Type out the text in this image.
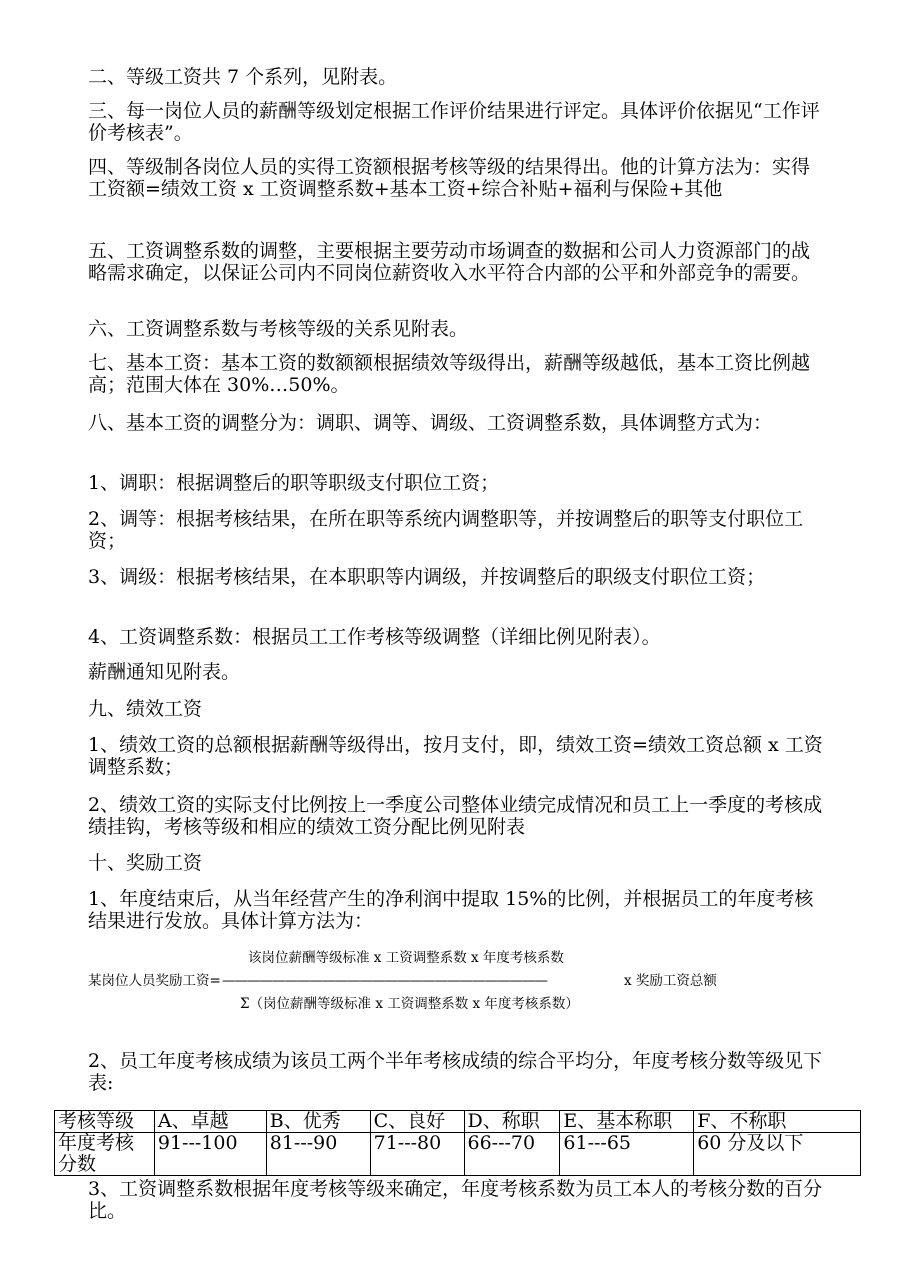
二、等级工资共 7 个系列，见附表。

三、每一岗位人员的薪酬等级划定根据工作评价结果进行评定。具体评价依据见“工作评价考核表”。

四、等级制各岗位人员的实得工资额根据考核等级的结果得出。他的计算方法为：实得工资额=绩效工资 x 工资调整系数+基本工资+综合补贴+福利与保险+其他

五、工资调整系数的调整，主要根据主要劳动市场调查的数据和公司人力资源部门的战略需求确定，以保证公司内不同岗位薪资收入水平符合内部的公平和外部竞争的需要。

六、工资调整系数与考核等级的关系见附表。

七、基本工资：基本工资的数额额根据绩效等级得出，薪酬等级越低，基本工资比例越高；范围大体在 30%…50%。

八、基本工资的调整分为：调职、调等、调级、工资调整系数，具体调整方式为：

1、调职：根据调整后的职等职级支付职位工资；

2、调等：根据考核结果，在所在职等系统内调整职等，并按调整后的职等支付职位工资；

3、调级：根据考核结果，在本职职等内调级，并按调整后的职级支付职位工资；

4、工资调整系数：根据员工工作考核等级调整（详细比例见附表）。

薪酬通知见附表。

九、绩效工资

1、绩效工资的总额根据薪酬等级得出，按月支付，即，绩效工资=绩效工资总额 x 工资调整系数；

2、绩效工资的实际支付比例按上一季度公司整体业绩完成情况和员工上一季度的考核成绩挂钩，考核等级和相应的绩效工资分配比例见附表

十、奖励工资

1、年度结束后，从当年经营产生的净利润中提取 15%的比例，并根据员工的年度考核结果进行发放。具体计算方法为：

该岗位薪酬等级标准 x 工资调整系数 x 年度考核系数
某岗位人员奖励工资= ——————————————————————————	x 奖励工资总额
Σ（岗位薪酬等级标准 x 工资调整系数 x 年度考核系数）

2、员工年度考核成绩为该员工两个半年考核成绩的综合平均分，年度考核分数等级见下表:

考核等级	A、卓越	B、优秀	C、良好	D、称职	E、基本称职	F、不称职
年度考核分数	91---100	81---90	71---80	66---70	61---65	60 分及以下

3、工资调整系数根据年度考核等级来确定，年度考核系数为员工本人的考核分数的百分比。
